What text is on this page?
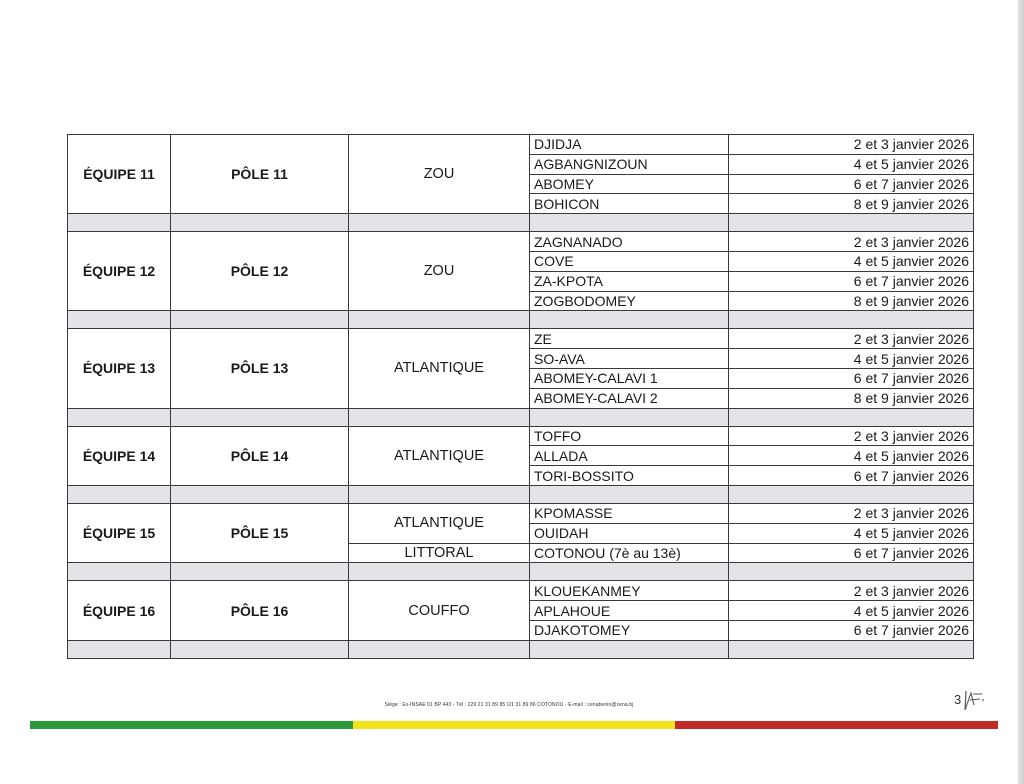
ÉQUIPE 11	PÔLE 11	ZOU	DJIDJA	2 et 3 janvier 2026
			AGBANGNIZOUN	4 et 5 janvier 2026
			ABOMEY	6 et 7 janvier 2026
			BOHICON	8 et 9 janvier 2026

ÉQUIPE 12	PÔLE 12	ZOU	ZAGNANADO	2 et 3 janvier 2026
			COVE	4 et 5 janvier 2026
			ZA-KPOTA	6 et 7 janvier 2026
			ZOGBODOMEY	8 et 9 janvier 2026

ÉQUIPE 13	PÔLE 13	ATLANTIQUE	ZE	2 et 3 janvier 2026
			SO-AVA	4 et 5 janvier 2026
			ABOMEY-CALAVI 1	6 et 7 janvier 2026
			ABOMEY-CALAVI 2	8 et 9 janvier 2026

ÉQUIPE 14	PÔLE 14	ATLANTIQUE	TOFFO	2 et 3 janvier 2026
			ALLADA	4 et 5 janvier 2026
			TORI-BOSSITO	6 et 7 janvier 2026

ÉQUIPE 15	PÔLE 15	ATLANTIQUE	KPOMASSE	2 et 3 janvier 2026
			OUIDAH	4 et 5 janvier 2026
		LITTORAL	COTONOU (7è au 13è)	6 et 7 janvier 2026

ÉQUIPE 16	PÔLE 16	COUFFO	KLOUEKANMEY	2 et 3 janvier 2026
			APLAHOUE	4 et 5 janvier 2026
			DJAKOTOMEY	6 et 7 janvier 2026

Siège : Ex-INSAE 01 BP 443 - Tél : 229 21 31 89 85 /21 31 89 86 COTONOU - E-mail : cenabenin@cena.bj	3
